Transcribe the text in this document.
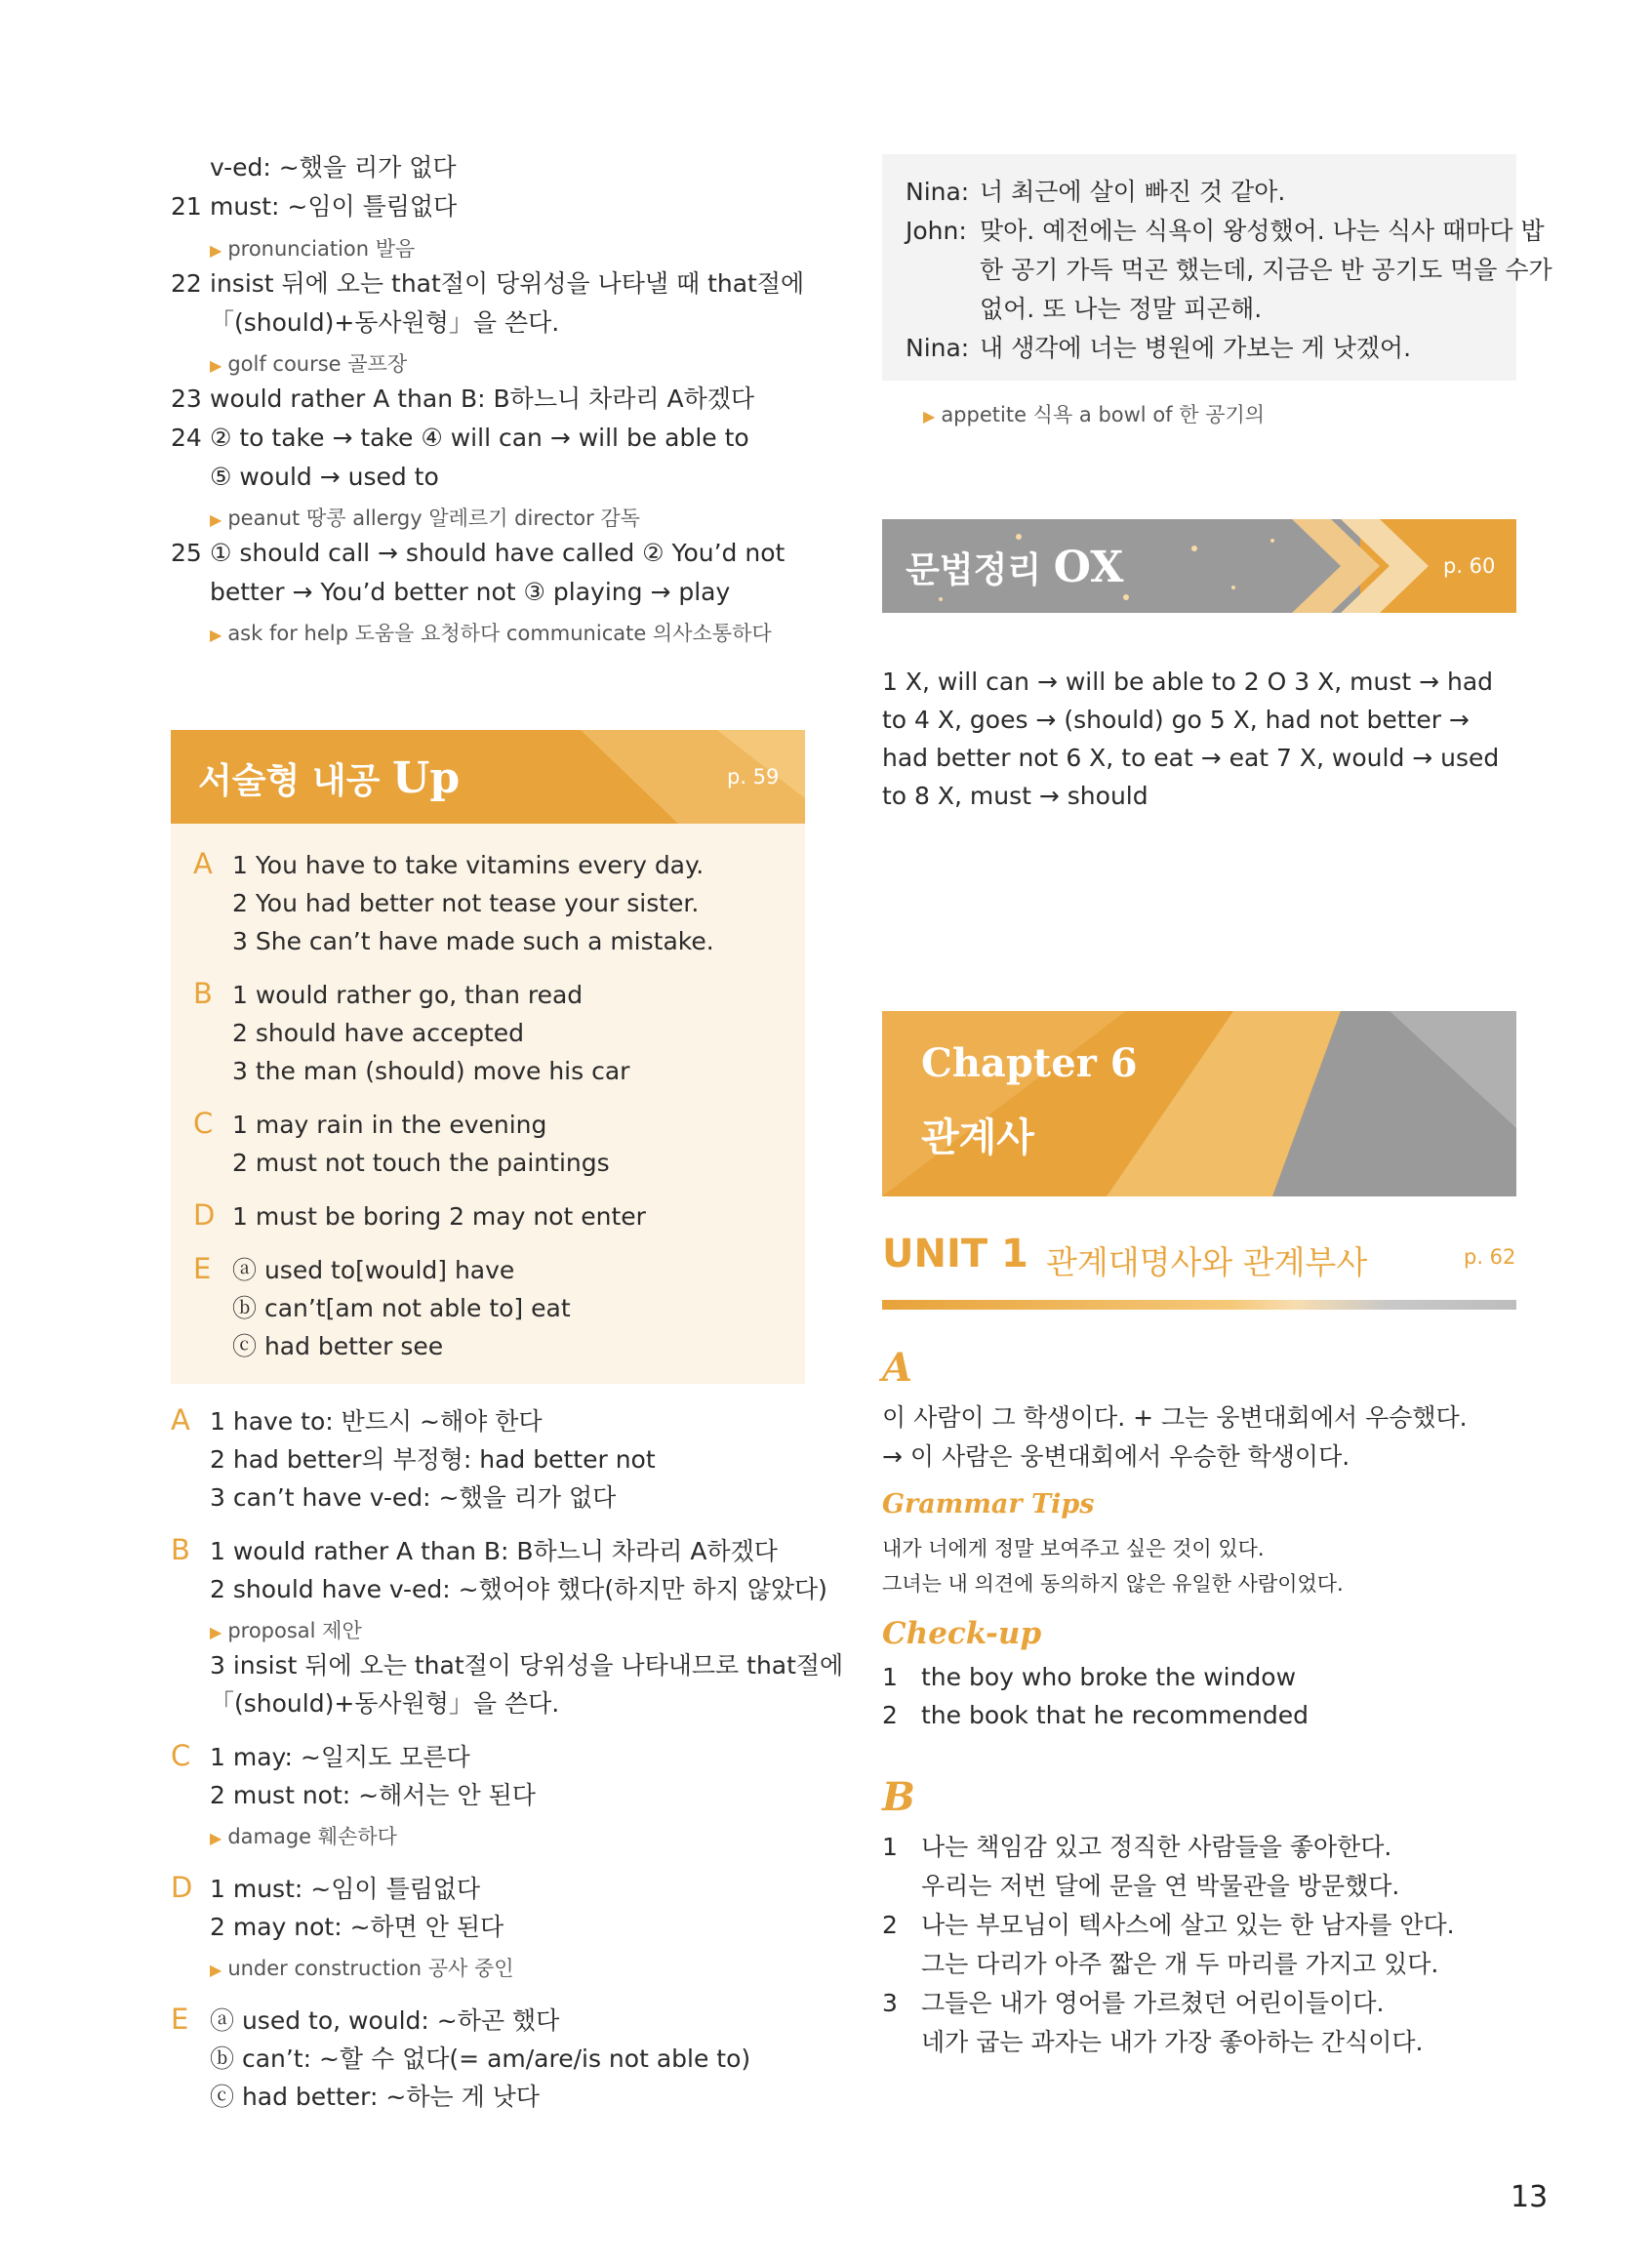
v-ed: ~했을 리가 없다
21 must: ~임이 틀림없다
▶ pronunciation 발음
22 insist 뒤에 오는 that절이 당위성을 나타낼 때 that절에
「(should)+동사원형」을 쓴다.
▶ golf course 골프장
23 would rather A than B: B하느니 차라리 A하겠다
24 ② to take → take ④ will can → will be able to
⑤ would → used to
▶ peanut 땅콩 allergy 알레르기 director 감독
25 ① should call → should have called ② You’d not
better → You’d better not ③ playing → play
▶ ask for help 도움을 요청하다 communicate 의사소통하다
서술형 내공 Up	p. 59
A 1 You have to take vitamins every day.
2 You had better not tease your sister.
3 She can’t have made such a mistake.
B 1 would rather go, than read
2 should have accepted
3 the man (should) move his car
C 1 may rain in the evening
2 must not touch the paintings
D 1 must be boring 2 may not enter
E ⓐ used to[would] have
ⓑ can’t[am not able to] eat
ⓒ had better see
A 1 have to: 반드시 ~해야 한다
2 had better의 부정형: had better not
3 can’t have v-ed: ~했을 리가 없다
B 1 would rather A than B: B하느니 차라리 A하겠다
2 should have v-ed: ~했어야 했다(하지만 하지 않았다)
▶ proposal 제안
3 insist 뒤에 오는 that절이 당위성을 나타내므로 that절에
「(should)+동사원형」을 쓴다.
C 1 may: ~일지도 모른다
2 must not: ~해서는 안 된다
▶ damage 훼손하다
D 1 must: ~임이 틀림없다
2 may not: ~하면 안 된다
▶ under construction 공사 중인
E ⓐ used to, would: ~하곤 했다
ⓑ can’t: ~할 수 없다(= am/are/is not able to)
ⓒ had better: ~하는 게 낫다
Nina: 너 최근에 살이 빠진 것 같아.
John: 맞아. 예전에는 식욕이 왕성했어. 나는 식사 때마다 밥
한 공기 가득 먹곤 했는데, 지금은 반 공기도 먹을 수가
없어. 또 나는 정말 피곤해.
Nina: 내 생각에 너는 병원에 가보는 게 낫겠어.
▶ appetite 식욕 a bowl of 한 공기의
문법정리 OX	p. 60
1 X, will can → will be able to 2 O 3 X, must → had
to 4 X, goes → (should) go 5 X, had not better →
had better not 6 X, to eat → eat 7 X, would → used
to 8 X, must → should
Chapter 6
관계사
UNIT 1 관계대명사와 관계부사	p. 62
A
이 사람이 그 학생이다. + 그는 웅변대회에서 우승했다.
→ 이 사람은 웅변대회에서 우승한 학생이다.
Grammar Tips
내가 너에게 정말 보여주고 싶은 것이 있다.
그녀는 내 의견에 동의하지 않은 유일한 사람이었다.
Check-up
1 the boy who broke the window
2 the book that he recommended
B
1 나는 책임감 있고 정직한 사람들을 좋아한다.
우리는 저번 달에 문을 연 박물관을 방문했다.
2 나는 부모님이 텍사스에 살고 있는 한 남자를 안다.
그는 다리가 아주 짧은 개 두 마리를 가지고 있다.
3 그들은 내가 영어를 가르쳤던 어린이들이다.
네가 굽는 과자는 내가 가장 좋아하는 간식이다.
13
